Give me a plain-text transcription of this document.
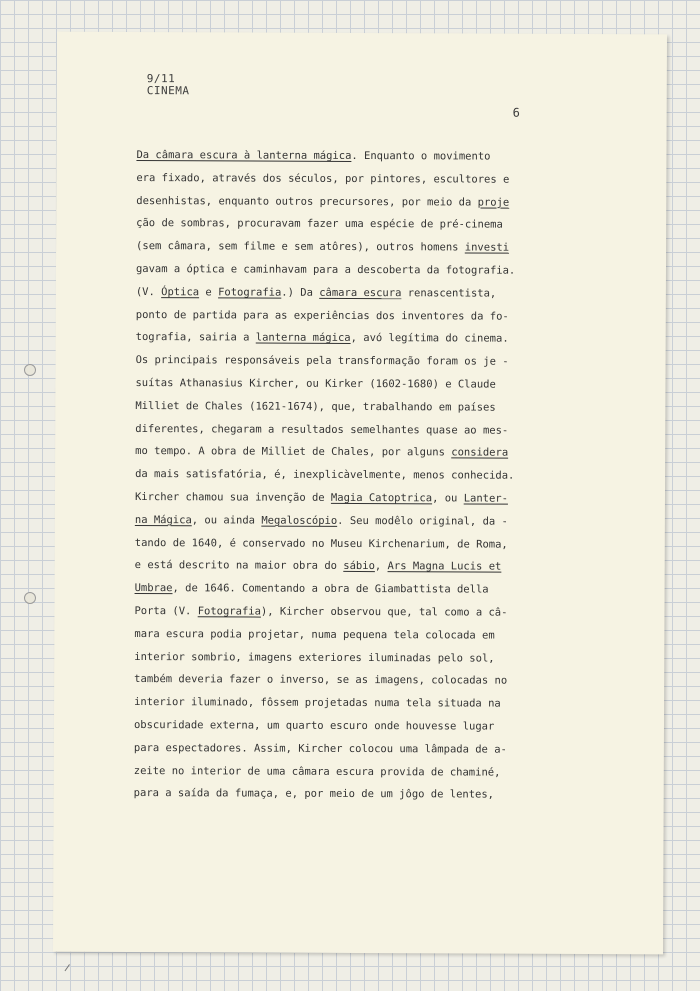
9/11
CINEMA
6
Da câmara escura à lanterna mágica. Enquanto o movimento
era fixado, através dos séculos, por pintores, escultores e
desenhistas, enquanto outros precursores, por meio da proje
ção de sombras, procuravam fazer uma espécie de pré-cinema
(sem câmara, sem filme e sem atôres), outros homens investi
gavam a óptica e caminhavam para a descoberta da fotografia.
(V. Óptica e Fotografia.) Da câmara escura renascentista,
ponto de partida para as experiências dos inventores da fo-
tografia, sairia a lanterna mágica, avó legítima do cinema.
Os principais responsáveis pela transformação foram os je -
suítas Athanasius Kircher, ou Kirker (1602-1680) e Claude
Milliet de Chales (1621-1674), que, trabalhando em países
diferentes, chegaram a resultados semelhantes quase ao mes-
mo tempo. A obra de Milliet de Chales, por alguns considera
da mais satisfatória, é, inexplicàvelmente, menos conhecida.
Kircher chamou sua invenção de Magia Catoptrica, ou Lanter-
na Mágica, ou ainda Megaloscópio. Seu modêlo original, da -
tando de 1640, é conservado no Museu Kirchenarium, de Roma,
e está descrito na maior obra do sábio, Ars Magna Lucis et
Umbrae, de 1646. Comentando a obra de Giambattista della
Porta (V. Fotografia), Kircher observou que, tal como a câ-
mara escura podia projetar, numa pequena tela colocada em
interior sombrio, imagens exteriores iluminadas pelo sol,
também deveria fazer o inverso, se as imagens, colocadas no
interior iluminado, fôssem projetadas numa tela situada na
obscuridade externa, um quarto escuro onde houvesse lugar
para espectadores. Assim, Kircher colocou uma lâmpada de a-
zeite no interior de uma câmara escura provida de chaminé,
para a saída da fumaça, e, por meio de um jôgo de lentes,
